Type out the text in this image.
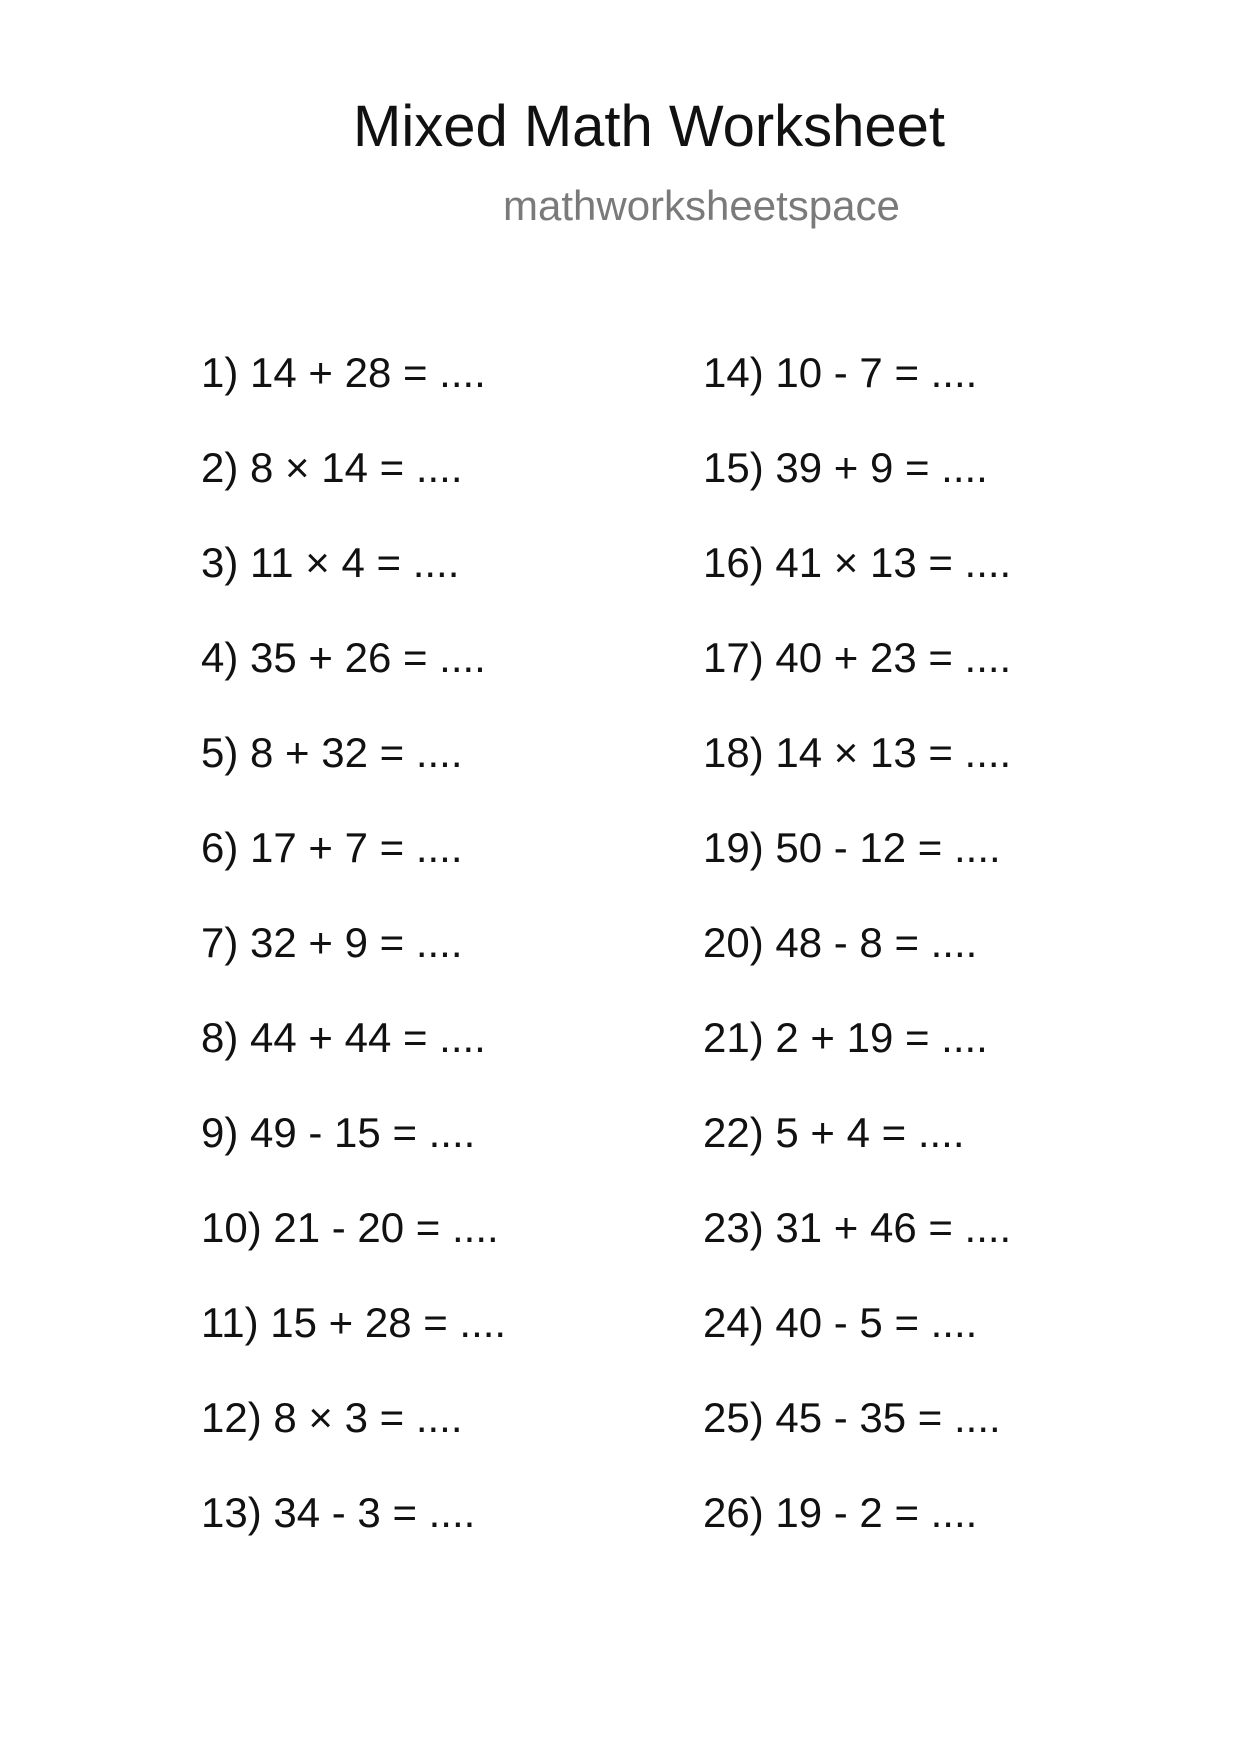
Mixed Math Worksheet
mathworksheetspace
1) 14 + 28 = ....
2) 8 × 14 = ....
3) 11 × 4 = ....
4) 35 + 26 = ....
5) 8 + 32 = ....
6) 17 + 7 = ....
7) 32 + 9 = ....
8) 44 + 44 = ....
9) 49 - 15 = ....
10) 21 - 20 = ....
11) 15 + 28 = ....
12) 8 × 3 = ....
13) 34 - 3 = ....
14) 10 - 7 = ....
15) 39 + 9 = ....
16) 41 × 13 = ....
17) 40 + 23 = ....
18) 14 × 13 = ....
19) 50 - 12 = ....
20) 48 - 8 = ....
21) 2 + 19 = ....
22) 5 + 4 = ....
23) 31 + 46 = ....
24) 40 - 5 = ....
25) 45 - 35 = ....
26) 19 - 2 = ....
